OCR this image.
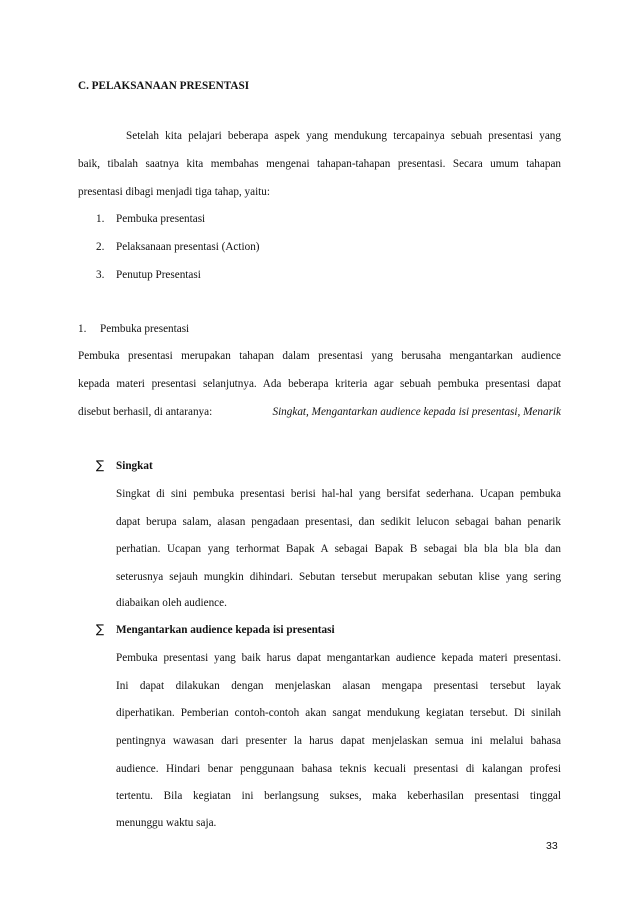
C. PELAKSANAAN PRESENTASI
Setelah kita pelajari beberapa aspek yang mendukung tercapainya sebuah presentasi yang
baik, tibalah saatnya kita membahas mengenai tahapan-tahapan presentasi. Secara umum tahapan
presentasi dibagi menjadi tiga tahap, yaitu:
1. Pembuka presentasi
2. Pelaksanaan presentasi (Action)
3. Penutup Presentasi
1. Pembuka presentasi
Pembuka presentasi merupakan tahapan dalam presentasi yang berusaha mengantarkan audience
kepada materi presentasi selanjutnya. Ada beberapa kriteria agar sebuah pembuka presentasi dapat
disebut berhasil, di antaranya:	Singkat, Mengantarkan audience kepada isi presentasi, Menarik
∑ Singkat
Singkat di sini pembuka presentasi berisi hal-hal yang bersifat sederhana. Ucapan pembuka
dapat berupa salam, alasan pengadaan presentasi, dan sedikit lelucon sebagai bahan penarik
perhatian. Ucapan yang terhormat Bapak A sebagai Bapak B sebagai bla bla bla bla dan
seterusnya sejauh mungkin dihindari. Sebutan tersebut merupakan sebutan klise yang sering
diabaikan oleh audience.
∑ Mengantarkan audience kepada isi presentasi
Pembuka presentasi yang baik harus dapat mengantarkan audience kepada materi presentasi.
Ini dapat dilakukan dengan menjelaskan alasan mengapa presentasi tersebut layak
diperhatikan. Pemberian contoh-contoh akan sangat mendukung kegiatan tersebut. Di sinilah
pentingnya wawasan dari presenter la harus dapat menjelaskan semua ini melalui bahasa
audience. Hindari benar penggunaan bahasa teknis kecuali presentasi di kalangan profesi
tertentu. Bila kegiatan ini berlangsung sukses, maka keberhasilan presentasi tinggal
menunggu waktu saja.
33
